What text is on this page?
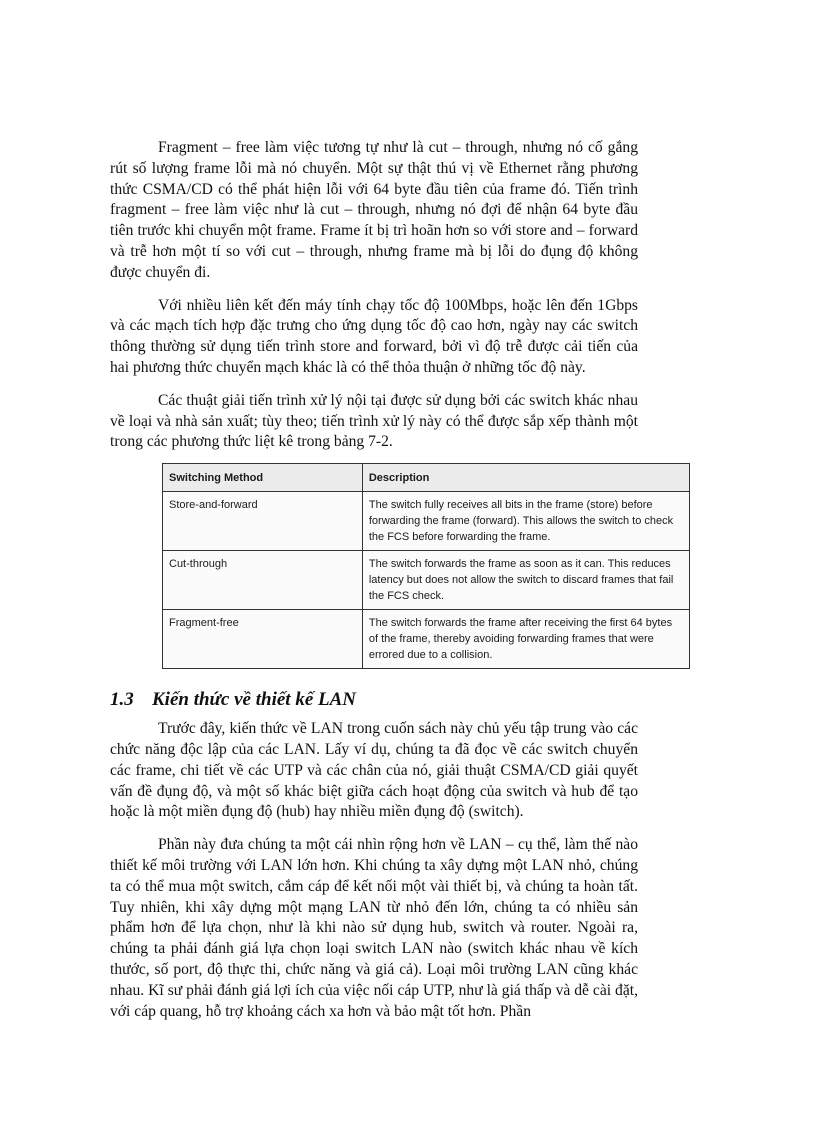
Fragment – free làm việc tương tự như là cut – through, nhưng nó cố gắng rút số lượng frame lỗi mà nó chuyển. Một sự thật thú vị về Ethernet rằng phương thức CSMA/CD có thể phát hiện lỗi với 64 byte đầu tiên của frame đó. Tiến trình fragment – free làm việc như là cut – through, nhưng nó đợi để nhận 64 byte đầu tiên trước khi chuyển một frame. Frame ít bị trì hoãn hơn so với store and – forward và trễ hơn một tí so với cut – through, nhưng frame mà bị lỗi do đụng độ không được chuyển đi.

Với nhiều liên kết đến máy tính chạy tốc độ 100Mbps, hoặc lên đến 1Gbps và các mạch tích hợp đặc trưng cho ứng dụng tốc độ cao hơn, ngày nay các switch thông thường sử dụng tiến trình store and forward, bởi vì độ trễ được cải tiến của hai phương thức chuyển mạch khác là có thể thỏa thuận ở những tốc độ này.

Các thuật giải tiến trình xử lý nội tại được sử dụng bởi các switch khác nhau về loại và nhà sản xuất; tùy theo; tiến trình xử lý này có thể được sắp xếp thành một trong các phương thức liệt kê trong bảng 7-2.

Switching Method	Description
Store-and-forward	The switch fully receives all bits in the frame (store) before forwarding the frame (forward). This allows the switch to check the FCS before forwarding the frame.
Cut-through	The switch forwards the frame as soon as it can. This reduces latency but does not allow the switch to discard frames that fail the FCS check.
Fragment-free	The switch forwards the frame after receiving the first 64 bytes of the frame, thereby avoiding forwarding frames that were errored due to a collision.
1.3 Kiến thức về thiết kế LAN

Trước đây, kiến thức về LAN trong cuốn sách này chủ yếu tập trung vào các chức năng độc lập của các LAN. Lấy ví dụ, chúng ta đã đọc về các switch chuyển các frame, chi tiết về các UTP và các chân của nó, giải thuật CSMA/CD giải quyết vấn đề đụng độ, và một số khác biệt giữa cách hoạt động của switch và hub để tạo hoặc là một miền đụng độ (hub) hay nhiều miền đụng độ (switch).

Phần này đưa chúng ta một cái nhìn rộng hơn về LAN – cụ thể, làm thế nào thiết kế môi trường với LAN lớn hơn. Khi chúng ta xây dựng một LAN nhỏ, chúng ta có thể mua một switch, cắm cáp để kết nối một vài thiết bị, và chúng ta hoàn tất. Tuy nhiên, khi xây dựng một mạng LAN từ nhỏ đến lớn, chúng ta có nhiều sản phẩm hơn để lựa chọn, như là khi nào sử dụng hub, switch và router. Ngoài ra, chúng ta phải đánh giá lựa chọn loại switch LAN nào (switch khác nhau về kích thước, số port, độ thực thi, chức năng và giá cả). Loại môi trường LAN cũng khác nhau. Kĩ sư phải đánh giá lợi ích của việc nối cáp UTP, như là giá thấp và dễ cài đặt, với cáp quang, hỗ trợ khoảng cách xa hơn và bảo mật tốt hơn. Phần
